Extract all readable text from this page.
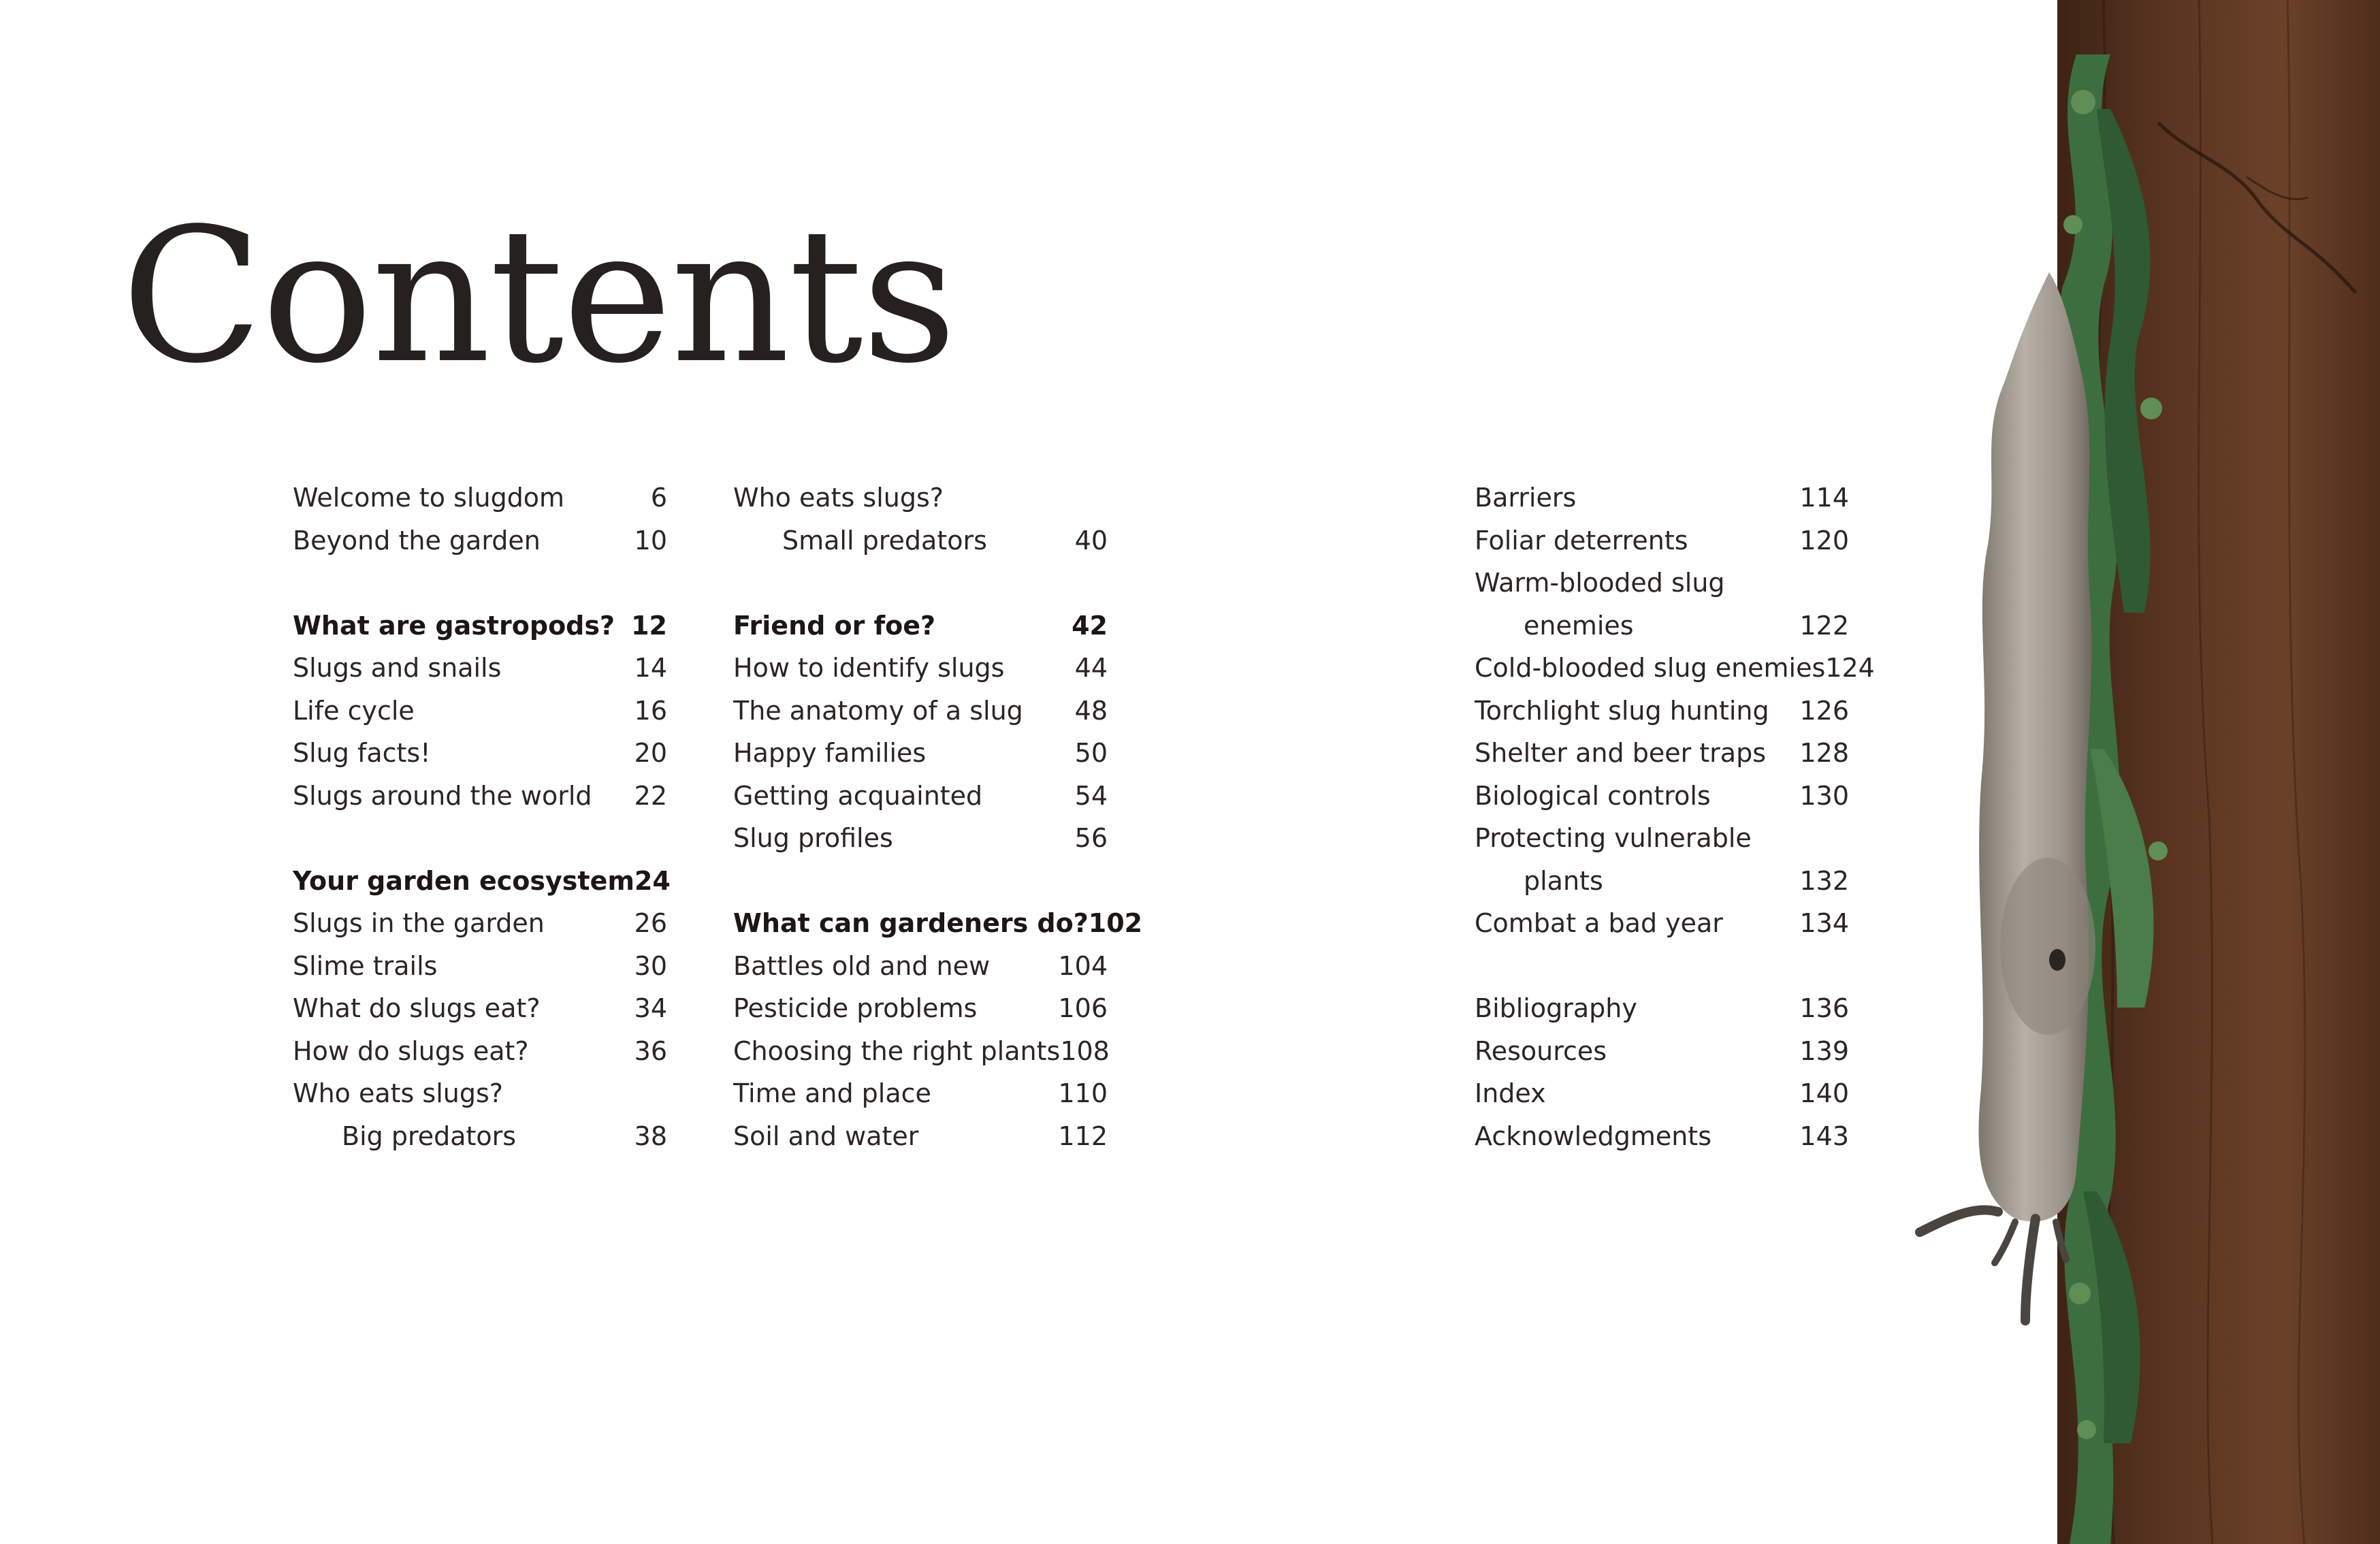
Contents
Welcome to slugdom	6
Beyond the garden	10
What are gastropods? 12
Slugs and snails	14
Life cycle	16
Slug facts!	20
Slugs around the world 22
Your garden ecosystem 24
Slugs in the garden	26
Slime trails	30
What do slugs eat?	34
How do slugs eat?	36
Who eats slugs?
Big predators	38
Who eats slugs?
Small predators	40
Friend or foe?	42
How to identify slugs	44
The anatomy of a slug 48
Happy families	50
Getting acquainted	54
Slug profiles	56
What can gardeners do? 102
Battles old and new	104
Pesticide problems	106
Choosing the right plants 108
Time and place	110
Soil and water	112
Barriers	114
Foliar deterrents	120
Warm-blooded slug
enemies	122
Cold-blooded slug enemies 124
Torchlight slug hunting 126
Shelter and beer traps 128
Biological controls	130
Protecting vulnerable
plants	132
Combat a bad year	134
Bibliography	136
Resources	139
Index	140
Acknowledgments	143
